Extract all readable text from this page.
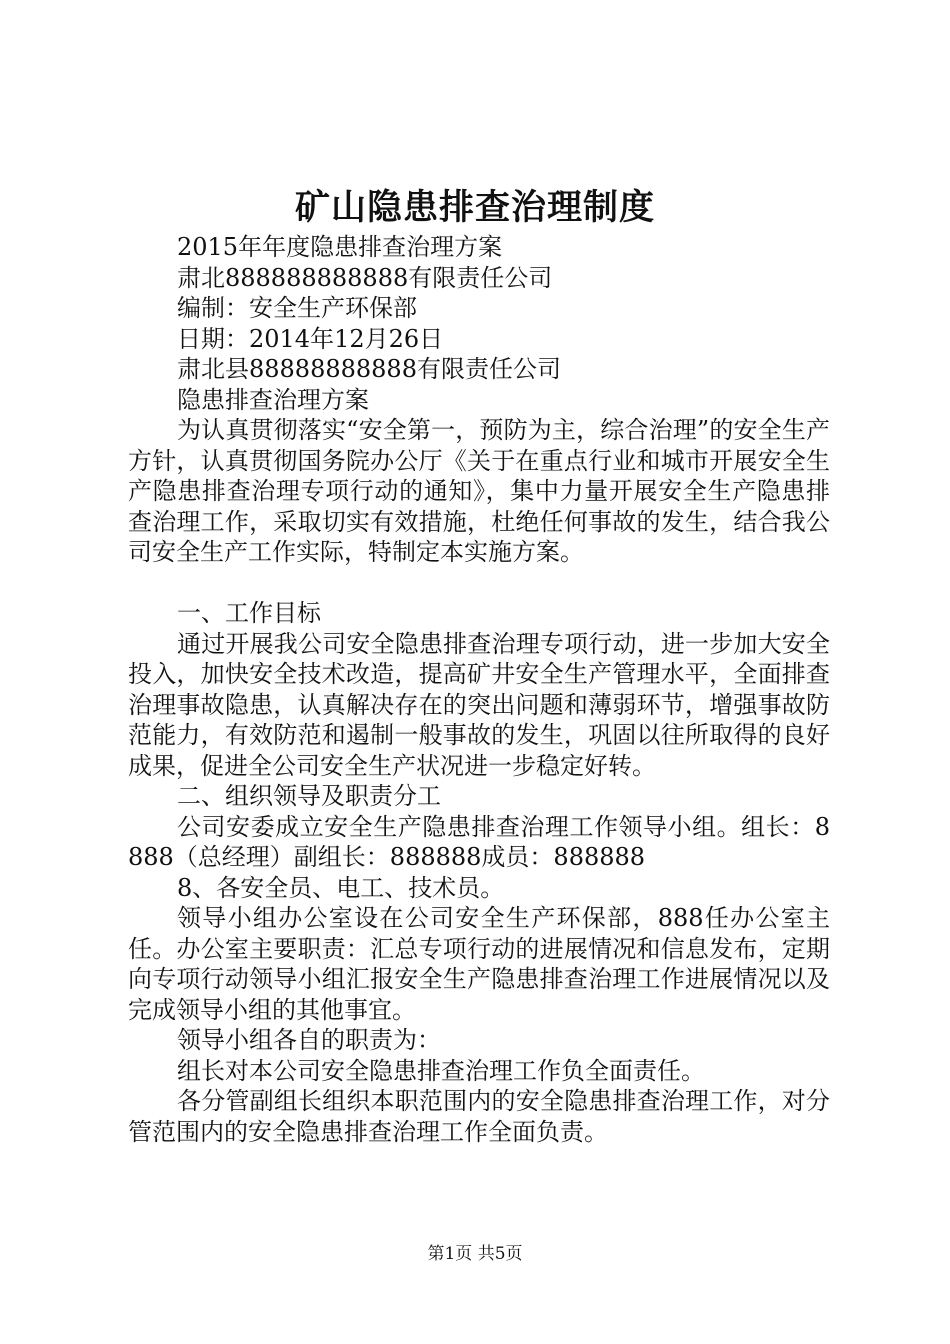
矿山隐患排查治理制度

2015年年度隐患排查治理方案

肃北888888888888有限责任公司

编制：安全生产环保部

日期：2014年12月26日

肃北县88888888888有限责任公司

隐患排查治理方案

为认真贯彻落实“安全第一，预防为主，综合治理”的安全生产方针，认真贯彻国务院办公厅《关于在重点行业和城市开展安全生产隐患排查治理专项行动的通知》，集中力量开展安全生产隐患排查治理工作，采取切实有效措施，杜绝任何事故的发生，结合我公司安全生产工作实际，特制定本实施方案。

一、工作目标

通过开展我公司安全隐患排查治理专项行动，进一步加大安全投入，加快安全技术改造，提高矿井安全生产管理水平，全面排查治理事故隐患，认真解决存在的突出问题和薄弱环节，增强事故防范能力，有效防范和遏制一般事故的发生，巩固以往所取得的良好成果，促进全公司安全生产状况进一步稳定好转。

二、组织领导及职责分工

公司安委成立安全生产隐患排查治理工作领导小组。组长：8888（总经理）副组长：888888成员：888888

8、各安全员、电工、技术员。

领导小组办公室设在公司安全生产环保部，888任办公室主任。办公室主要职责：汇总专项行动的进展情况和信息发布，定期向专项行动领导小组汇报安全生产隐患排查治理工作进展情况以及完成领导小组的其他事宜。

领导小组各自的职责为：

组长对本公司安全隐患排查治理工作负全面责任。

各分管副组长组织本职范围内的安全隐患排查治理工作，对分管范围内的安全隐患排查治理工作全面负责。

第1页 共5页
